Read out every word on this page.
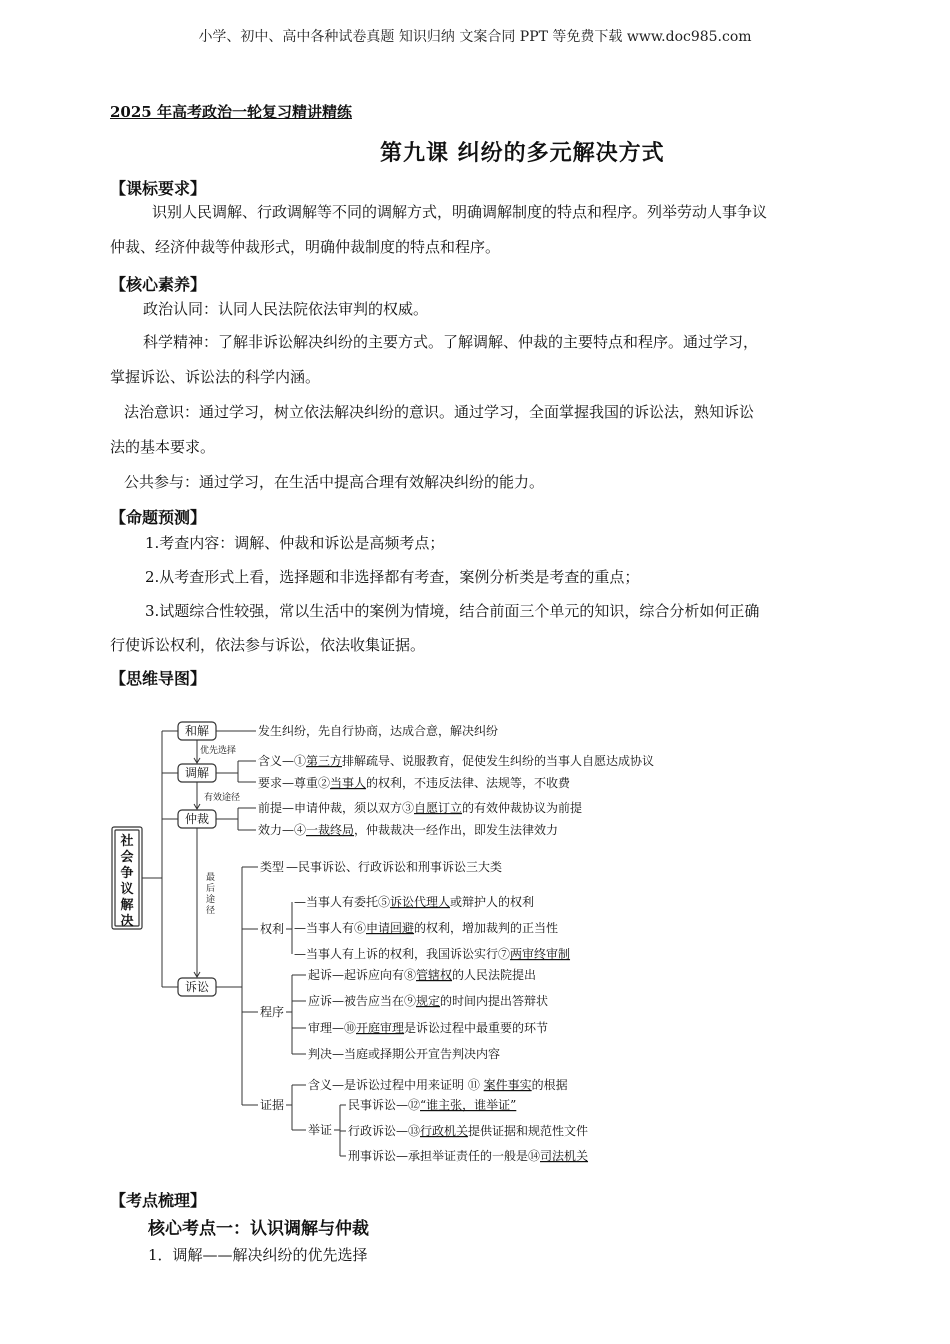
小学、初中、高中各种试卷真题 知识归纳 文案合同 PPT 等免费下载 www.doc985.com
2025 年高考政治一轮复习精讲精练
第九课 纠纷的多元解决方式
【课标要求】
识别人民调解、行政调解等不同的调解方式，明确调解制度的特点和程序。列举劳动人事争议
仲裁、经济仲裁等仲裁形式，明确仲裁制度的特点和程序。
【核心素养】
政治认同：认同人民法院依法审判的权威。
科学精神：了解非诉讼解决纠纷的主要方式。了解调解、仲裁的主要特点和程序。通过学习，
掌握诉讼、诉讼法的科学内涵。
法治意识：通过学习，树立依法解决纠纷的意识。通过学习，全面掌握我国的诉讼法，熟知诉讼
法的基本要求。
公共参与：通过学习，在生活中提高合理有效解决纠纷的能力。
【命题预测】
1.考查内容：调解、仲裁和诉讼是高频考点；
2.从考查形式上看，选择题和非选择都有考查，案例分析类是考查的重点；
3.试题综合性较强，常以生活中的案例为情境，结合前面三个单元的知识，综合分析如何正确
行使诉讼权利，依法参与诉讼，依法收集证据。
【思维导图】
社
会
争
议
解
决
和解
调解
仲裁
诉讼
优先选择
有效途径
最
后
途
径
发生纠纷，先自行协商，达成合意，解决纠纷
含义—①第三方排解疏导、说服教育，促使发生纠纷的当事人自愿达成协议
要求—尊重②当事人的权利，不违反法律、法规等，不收费
前提—申请仲裁，须以双方③自愿订立的有效仲裁协议为前提
效力—④一裁终局，仲裁裁决一经作出，即发生法律效力
类型 —民事诉讼、行政诉讼和刑事诉讼三大类
权利
—当事人有委托⑤诉讼代理人或辩护人的权利
—当事人有⑥申请回避的权利，增加裁判的正当性
—当事人有上诉的权利，我国诉讼实行⑦两审终审制
程序
起诉—起诉应向有⑧管辖权的人民法院提出
应诉—被告应当在⑨规定的时间内提出答辩状
审理—⑩开庭审理是诉讼过程中最重要的环节
判决—当庭或择期公开宣告判决内容
证据
含义—是诉讼过程中用来证明 ⑪ 案件事实的根据
举证
民事诉讼—⑫“谁主张，谁举证”
行政诉讼—⑬行政机关提供证据和规范性文件
刑事诉讼—承担举证责任的一般是⑭司法机关
【考点梳理】
核心考点一：认识调解与仲裁
1．调解——解决纠纷的优先选择
